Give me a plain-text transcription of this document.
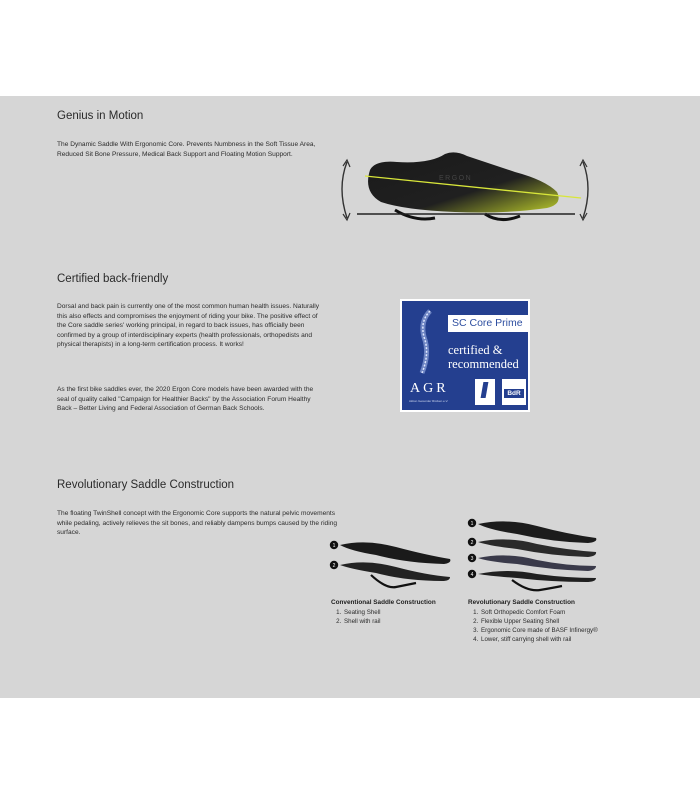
Genius in Motion

The Dynamic Saddle With Ergonomic Core. Prevents Numbness in the Soft Tissue Area, Reduced Sit Bone Pressure, Medical Back Support and Floating Motion Support.

ERGON
Certified back-friendly

Dorsal and back pain is currently one of the most common human health issues. Naturally this also effects and compromises the enjoyment of riding your bike. The positive effect of the Core saddle series' working principal, in regard to back issues, has officially been confirmed by a group of interdisciplinary experts (health professionals, orthopedists and physical therapists) in a long-term certification process. It works!

As the first bike saddles ever, the 2020 Ergon Core models have been awarded with the seal of quality called "Campaign for Healthier Backs" by the Association Forum Healthy Back – Better Living and Federal Association of German Back Schools.

SC Core Prime
certified &
recommended
AGR
Aktion Gesunder Rücken e.V.
BdR
Revolutionary Saddle Construction

The floating TwinShell concept with the Ergonomic Core supports the natural pelvic movements while pedaling, actively relieves the sit bones, and reliably dampens bumps caused by the riding surface.

1
2
1
2
3
4
Conventional Saddle Construction
1. Seating Shell
2. Shell with rail
Revolutionary Saddle Construction
1. Soft Orthopedic Comfort Foam
2. Flexible Upper Seating Shell
3. Ergonomic Core made of BASF Infinergy®
4. Lower, stiff carrying shell with rail
